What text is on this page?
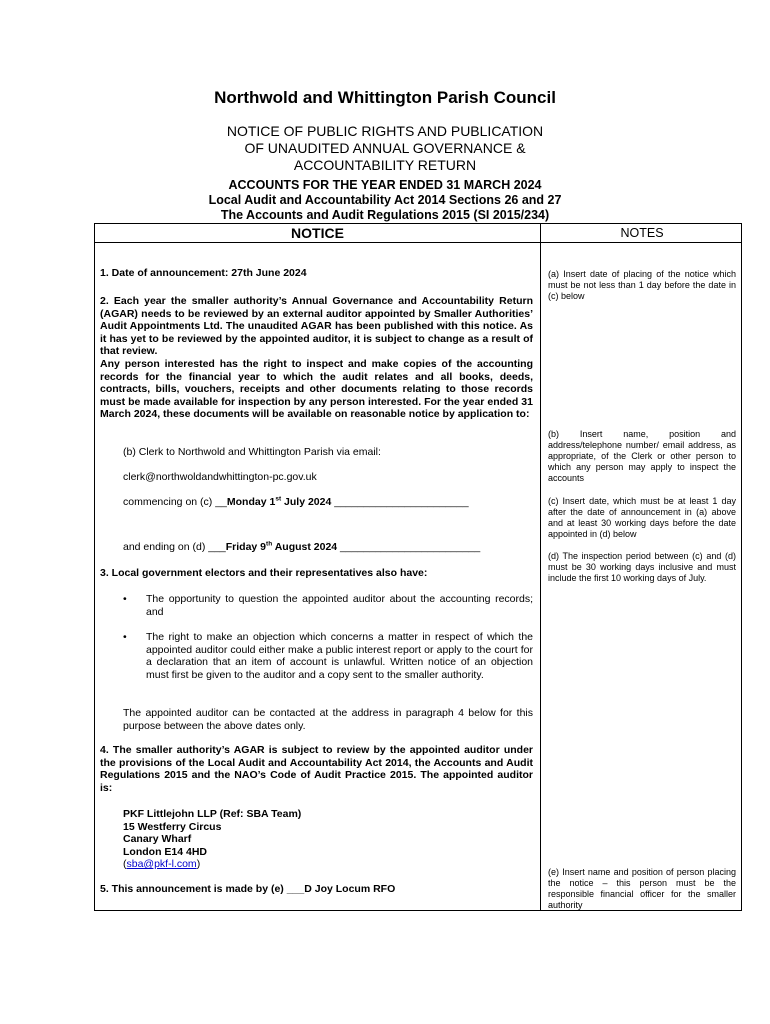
Northwold and Whittington Parish Council
NOTICE OF PUBLIC RIGHTS AND PUBLICATION
OF UNAUDITED ANNUAL GOVERNANCE &
ACCOUNTABILITY RETURN
ACCOUNTS FOR THE YEAR ENDED 31 MARCH 2024
Local Audit and Accountability Act 2014 Sections 26 and 27
The Accounts and Audit Regulations 2015 (SI 2015/234)
NOTICE	NOTES
1. Date of announcement: 27th June 2024
2. Each year the smaller authority’s Annual Governance and Accountability Return (AGAR) needs to be reviewed by an external auditor appointed by Smaller Authorities’ Audit Appointments Ltd. The unaudited AGAR has been published with this notice. As it has yet to be reviewed by the appointed auditor, it is subject to change as a result of that review.
Any person interested has the right to inspect and make copies of the accounting records for the financial year to which the audit relates and all books, deeds, contracts, bills, vouchers, receipts and other documents relating to those records must be made available for inspection by any person interested. For the year ended 31 March 2024, these documents will be available on reasonable notice by application to:
(b) Clerk to Northwold and Whittington Parish via email:
clerk@northwoldandwhittington-pc.gov.uk
commencing on (c) __Monday 1st July 2024 _______________________
and ending on (d) ___Friday 9th August 2024 ________________________
3. Local government electors and their representatives also have:
•	The opportunity to question the appointed auditor about the accounting records; and
•	The right to make an objection which concerns a matter in respect of which the appointed auditor could either make a public interest report or apply to the court for a declaration that an item of account is unlawful. Written notice of an objection must first be given to the auditor and a copy sent to the smaller authority.
The appointed auditor can be contacted at the address in paragraph 4 below for this purpose between the above dates only.
4. The smaller authority’s AGAR is subject to review by the appointed auditor under the provisions of the Local Audit and Accountability Act 2014, the Accounts and Audit Regulations 2015 and the NAO’s Code of Audit Practice 2015. The appointed auditor is:
PKF Littlejohn LLP (Ref: SBA Team)
15 Westferry Circus
Canary Wharf
London E14 4HD
(sba@pkf-l.com)
5. This announcement is made by (e) ___D Joy Locum RFO
(a) Insert date of placing of the notice which must be not less than 1 day before the date in (c) below
(b) Insert name, position and address/telephone number/ email address, as appropriate, of the Clerk or other person to which any person may apply to inspect the accounts
(c) Insert date, which must be at least 1 day after the date of announcement in (a) above and at least 30 working days before the date appointed in (d) below
(d) The inspection period between (c) and (d) must be 30 working days inclusive and must include the first 10 working days of July.
(e) Insert name and position of person placing the notice – this person must be the responsible financial officer for the smaller authority
